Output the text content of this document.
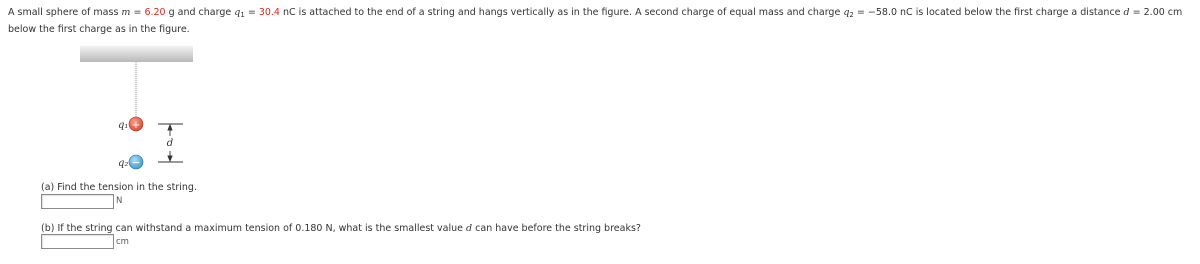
A small sphere of mass m = 6.20 g and charge $q_1 = 30.4$ nC is attached to the end of a string and hangs vertically as in the figure. A second charge of equal mass and charge $q_2 = -58.0$ nC is located below the first charge a distance d = 2.00 cm below the first charge as in the figure.
q₁ +
q₂ −
d
(a) Find the tension in the string.
N
(b) If the string can withstand a maximum tension of 0.180 N, what is the smallest value d can have before the string breaks?
cm
